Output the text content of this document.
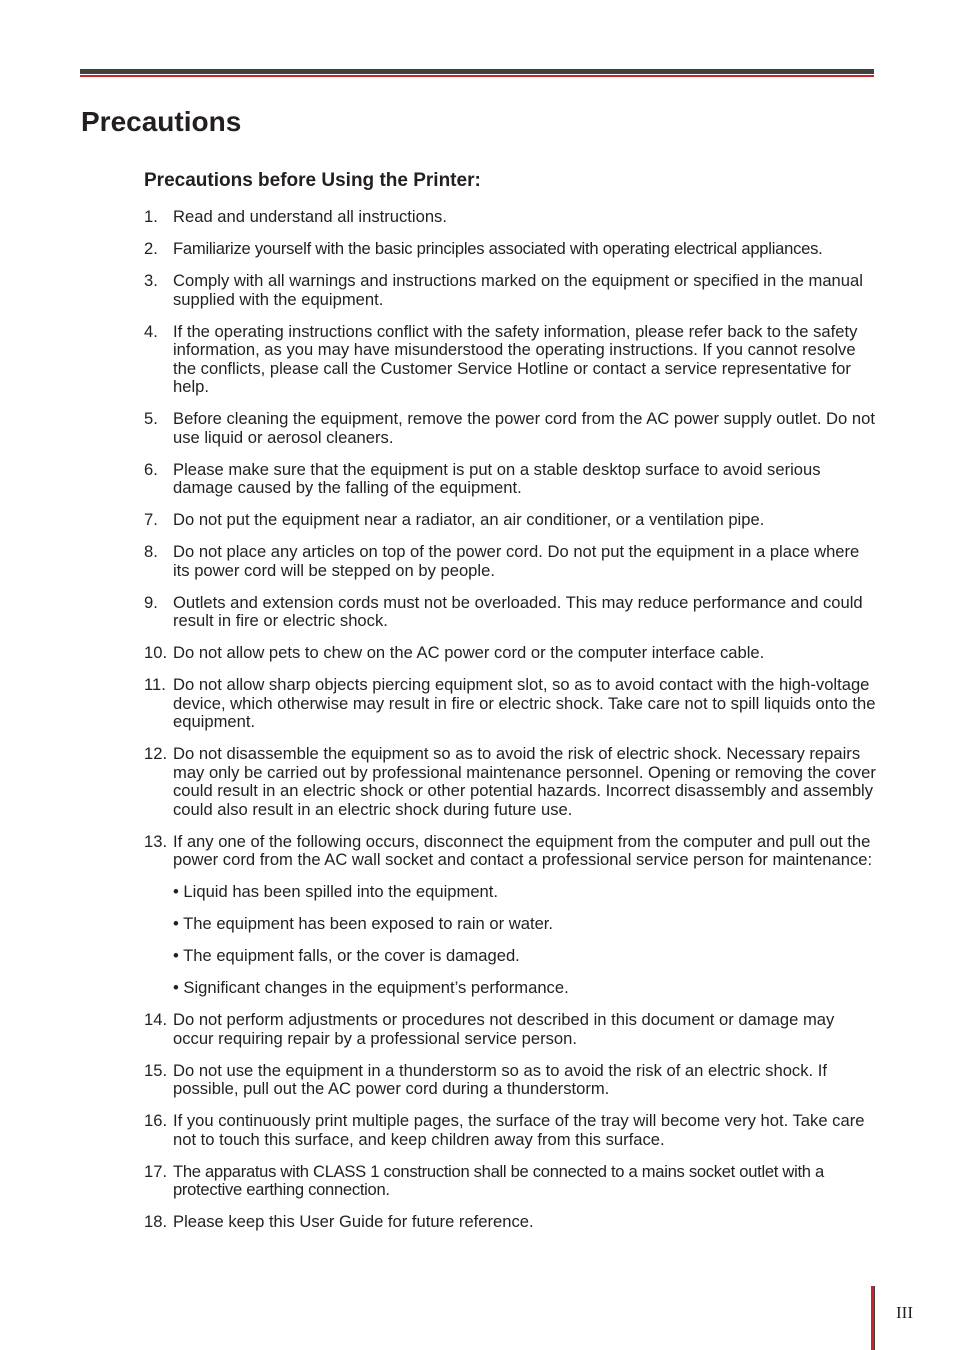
Precautions
Precautions before Using the Printer:
1. Read and understand all instructions.
2. Familiarize yourself with the basic principles associated with operating electrical appliances.
3. Comply with all warnings and instructions marked on the equipment or specified in the manual supplied with the equipment.
4. If the operating instructions conflict with the safety information, please refer back to the safety information, as you may have misunderstood the operating instructions. If you cannot resolve the conflicts, please call the Customer Service Hotline or contact a service representative for help.
5. Before cleaning the equipment, remove the power cord from the AC power supply outlet. Do not use liquid or aerosol cleaners.
6. Please make sure that the equipment is put on a stable desktop surface to avoid serious damage caused by the falling of the equipment.
7. Do not put the equipment near a radiator, an air conditioner, or a ventilation pipe.
8. Do not place any articles on top of the power cord. Do not put the equipment in a place where its power cord will be stepped on by people.
9. Outlets and extension cords must not be overloaded. This may reduce performance and could result in fire or electric shock.
10. Do not allow pets to chew on the AC power cord or the computer interface cable.
11. Do not allow sharp objects piercing equipment slot, so as to avoid contact with the high-voltage device, which otherwise may result in fire or electric shock. Take care not to spill liquids onto the equipment.
12. Do not disassemble the equipment so as to avoid the risk of electric shock. Necessary repairs may only be carried out by professional maintenance personnel. Opening or removing the cover could result in an electric shock or other potential hazards. Incorrect disassembly and assembly could also result in an electric shock during future use.
13. If any one of the following occurs, disconnect the equipment from the computer and pull out the power cord from the AC wall socket and contact a professional service person for maintenance:
• Liquid has been spilled into the equipment.
• The equipment has been exposed to rain or water.
• The equipment falls, or the cover is damaged.
• Significant changes in the equipment’s performance.
14. Do not perform adjustments or procedures not described in this document or damage may occur requiring repair by a professional service person.
15. Do not use the equipment in a thunderstorm so as to avoid the risk of an electric shock. If possible, pull out the AC power cord during a thunderstorm.
16. If you continuously print multiple pages, the surface of the tray will become very hot. Take care not to touch this surface, and keep children away from this surface.
17. The apparatus with CLASS 1 construction shall be connected to a mains socket outlet with a protective earthing connection.
18. Please keep this User Guide for future reference.
III
